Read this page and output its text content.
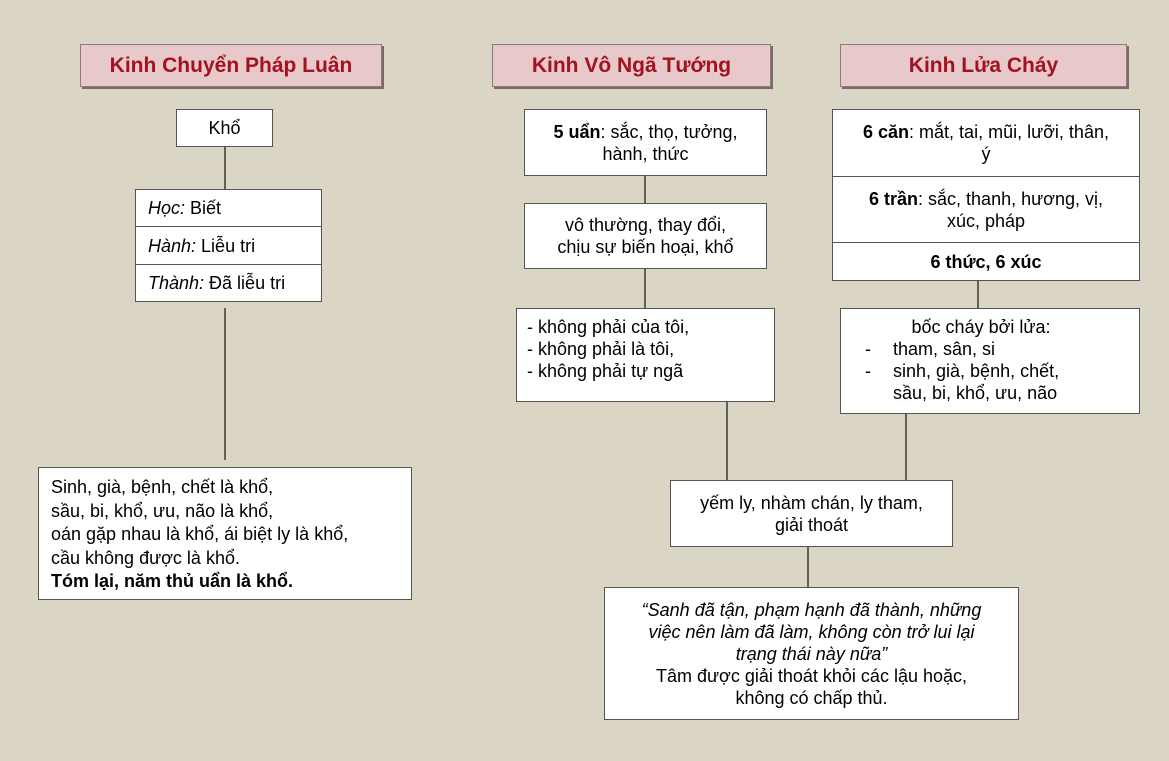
Kinh Chuyển Pháp Luân
Khổ
Học: Biết
Hành: Liễu tri
Thành: Đã liễu tri
Sinh, già, bệnh, chết là khổ,
sầu, bi, khổ, ưu, não là khổ,
oán gặp nhau là khổ, ái biệt ly là khổ,
cầu không được là khổ.
Tóm lại, năm thủ uẩn là khổ.
Kinh Vô Ngã Tướng
5 uẩn: sắc, thọ, tưởng,
hành, thức
vô thường, thay đổi,
chịu sự biến hoại, khổ
- không phải của tôi,
- không phải là tôi,
- không phải tự ngã
Kinh Lửa Cháy
6 căn: mắt, tai, mũi, lưỡi, thân,
ý
6 trần: sắc, thanh, hương, vị,
xúc, pháp
6 thức, 6 xúc
bốc cháy bởi lửa:
-	tham, sân, si
-	sinh, già, bệnh, chết,
sầu, bi, khổ, ưu, não
yếm ly, nhàm chán, ly tham,
giải thoát
“Sanh đã tận, phạm hạnh đã thành, những
việc nên làm đã làm, không còn trở lui lại
trạng thái này nữa”
Tâm được giải thoát khỏi các lậu hoặc,
không có chấp thủ.
